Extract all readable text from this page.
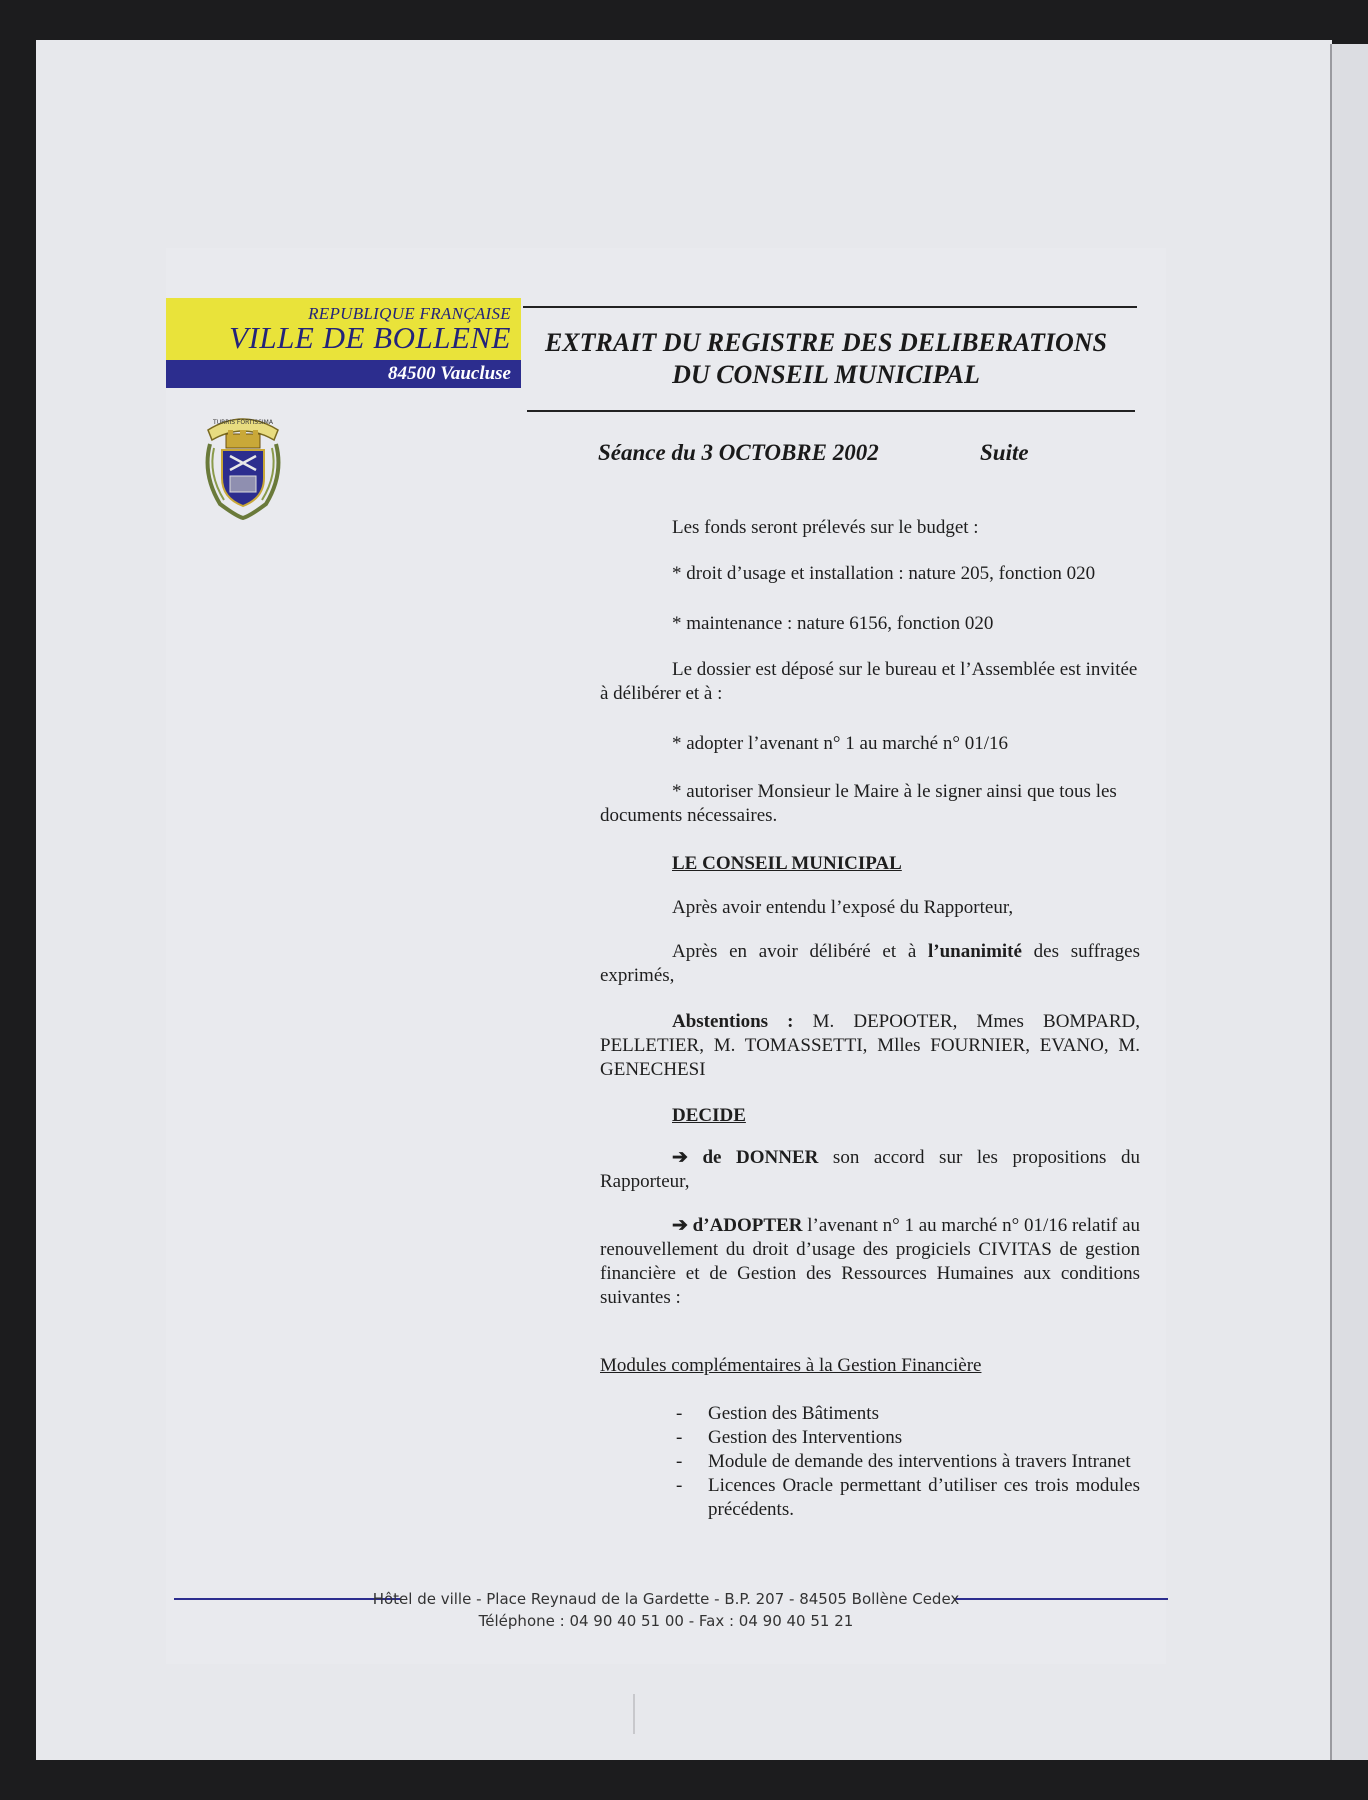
REPUBLIQUE FRANÇAISE
VILLE DE BOLLENE
84500 Vaucluse
TURRIS FORTISSIMA
EXTRAIT DU REGISTRE DES DELIBERATIONS
DU CONSEIL MUNICIPAL
Séance du 3 OCTOBRE 2002	Suite
Les fonds seront prélevés sur le budget :
* droit d’usage et installation : nature 205, fonction 020
* maintenance : nature 6156, fonction 020
Le dossier est déposé sur le bureau et l’Assemblée est invitée à délibérer et à :
* adopter l’avenant n° 1 au marché n° 01/16
* autoriser Monsieur le Maire à le signer ainsi que tous les documents nécessaires.
LE CONSEIL MUNICIPAL
Après avoir entendu l’exposé du Rapporteur,
Après en avoir délibéré et à l’unanimité des suffrages exprimés,
Abstentions : M. DEPOOTER, Mmes BOMPARD, PELLETIER, M. TOMASSETTI, Mlles FOURNIER, EVANO, M. GENECHESI
DECIDE
➔ de DONNER son accord sur les propositions du Rapporteur,
➔ d’ADOPTER l’avenant n° 1 au marché n° 01/16 relatif au renouvellement du droit d’usage des progiciels CIVITAS de gestion financière et de Gestion des Ressources Humaines aux conditions suivantes :
Modules complémentaires à la Gestion Financière
- Gestion des Bâtiments
- Gestion des Interventions
- Module de demande des interventions à travers Intranet
- Licences Oracle permettant d’utiliser ces trois modules précédents.
Hôtel de ville - Place Reynaud de la Gardette - B.P. 207 - 84505 Bollène Cedex
Téléphone : 04 90 40 51 00 - Fax : 04 90 40 51 21
